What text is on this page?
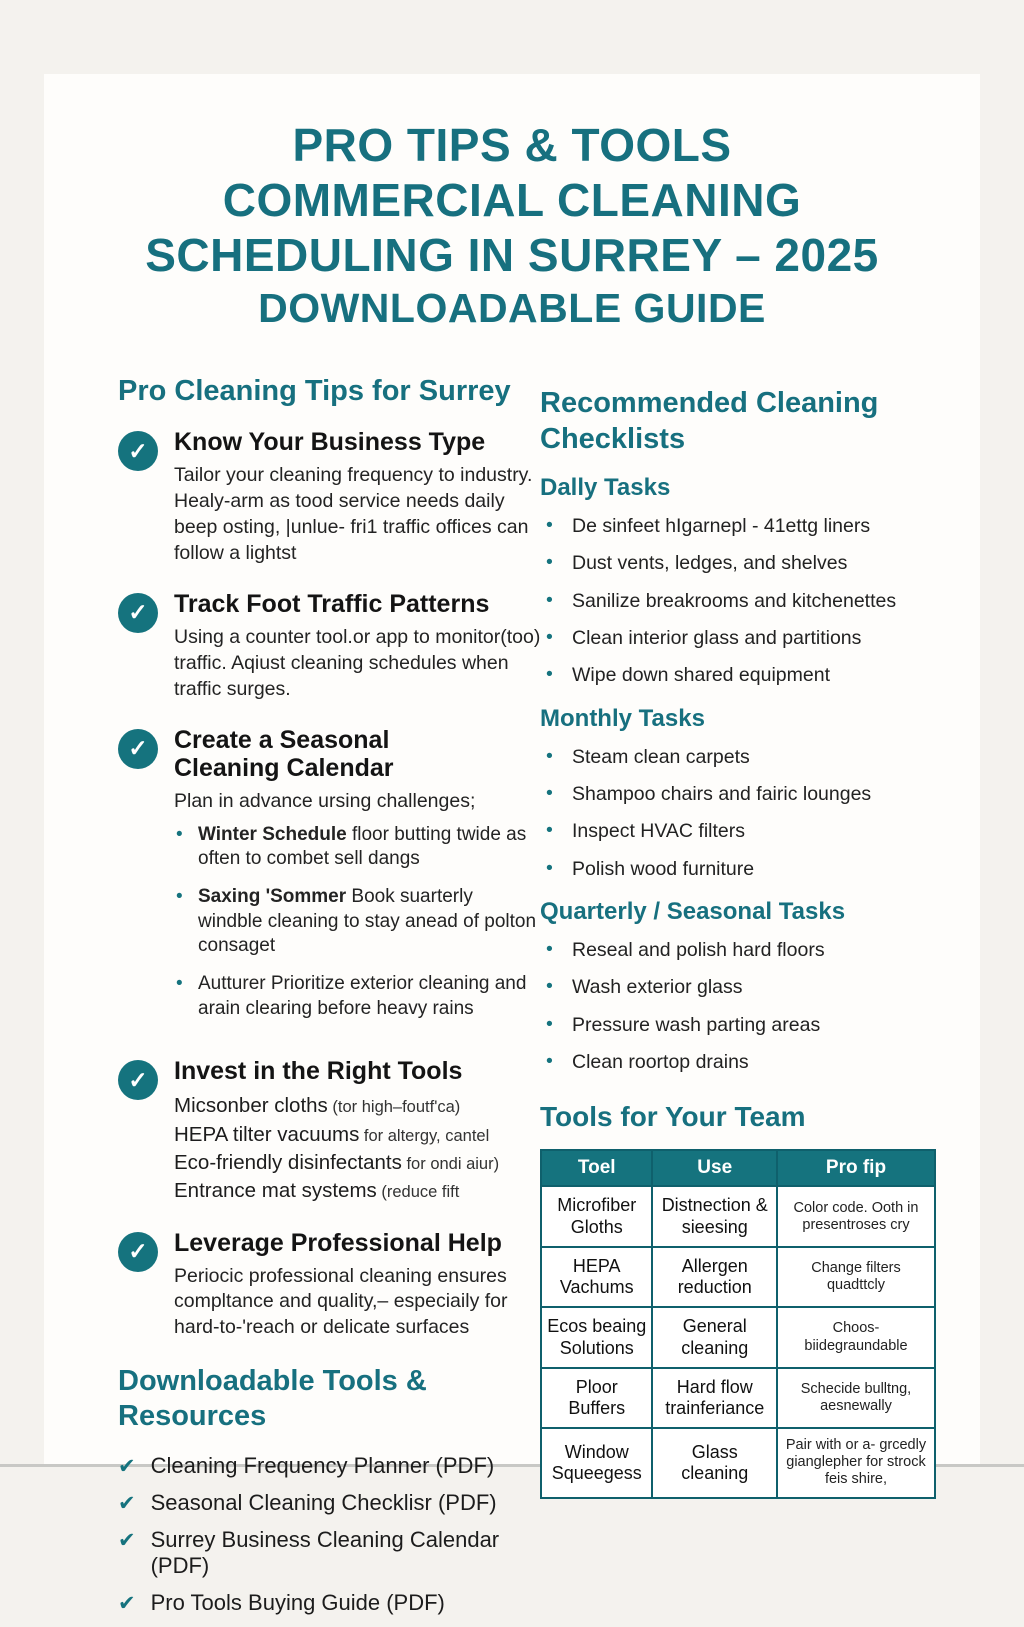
PRO TIPS & TOOLS
COMMERCIAL CLEANING
SCHEDULING IN SURREY – 2025
DOWNLOADABLE GUIDE
Pro Cleaning Tips for Surrey
✓ Know Your Business Type

Tailor your cleaning frequency to industry. Healy-arm as tood service needs daily beep osting, |unlue- fri1 traffic offices can follow a lightst

✓ Track Foot Traffic Patterns

Using a counter tool.or app to monitor(too) traffic. Aqiust cleaning schedules when traffic surges.

✓ Create a Seasonal Cleaning Calendar

Plan in advance ursing challenges;

• Winter Schedule floor butting twide as often to combet sell dangs
• Saxing 'Sommer Book suarterly windble cleaning to stay anead of polton consaget
• Autturer Prioritize exterior cleaning and arain clearing before heavy rains
✓ Invest in the Right Tools
Micsonber cloths (tor high–foutf'ca)
HEPA tilter vacuums for altergy, cantel
Eco-friendly disinfectants for ondi aiur)
Entrance mat systems (reduce fift
✓ Leverage Professional Help

Periocic professional cleaning ensures compltance and quality,– especiaily for hard-to-'reach or delicate surfaces

Downloadable Tools & Resources
✔ Cleaning Frequency Planner (PDF)
✔ Seasonal Cleaning Checklisr (PDF)
✔ Surrey Business Cleaning Calendar (PDF)
✔ Pro Tools Buying Guide (PDF)
Recommended Cleaning Checklists
Dally Tasks
• De sinfeet hIgarnepl - 41ettg liners
• Dust vents, ledges, and shelves
• Sanilize breakrooms and kitchenettes
• Clean interior glass and partitions
• Wipe down shared equipment
Monthly Tasks
• Steam clean carpets
• Shampoo chairs and fairic lounges
• Inspect HVAC filters
• Polish wood furniture
Quarterly / Seasonal Tasks
• Reseal and polish hard floors
• Wash exterior glass
• Pressure wash parting areas
• Clean roortop drains
Tools for Your Team
Toel	Use	Pro fip
Microfiber Gloths	Distnection & sieesing	Color code. Ooth in presentroses cry
HEPA Vachums	Allergen reduction	Change filters quadttcly
Ecos beaing Solutions	General cleaning	Choos- biidegraundable
Ploor Buffers	Hard flow trainferiance	Schecide bulltng, aesnewally
Window Squeegess	Glass cleaning	Pair with or a- grcedly gianglepher for strock feis shire,
